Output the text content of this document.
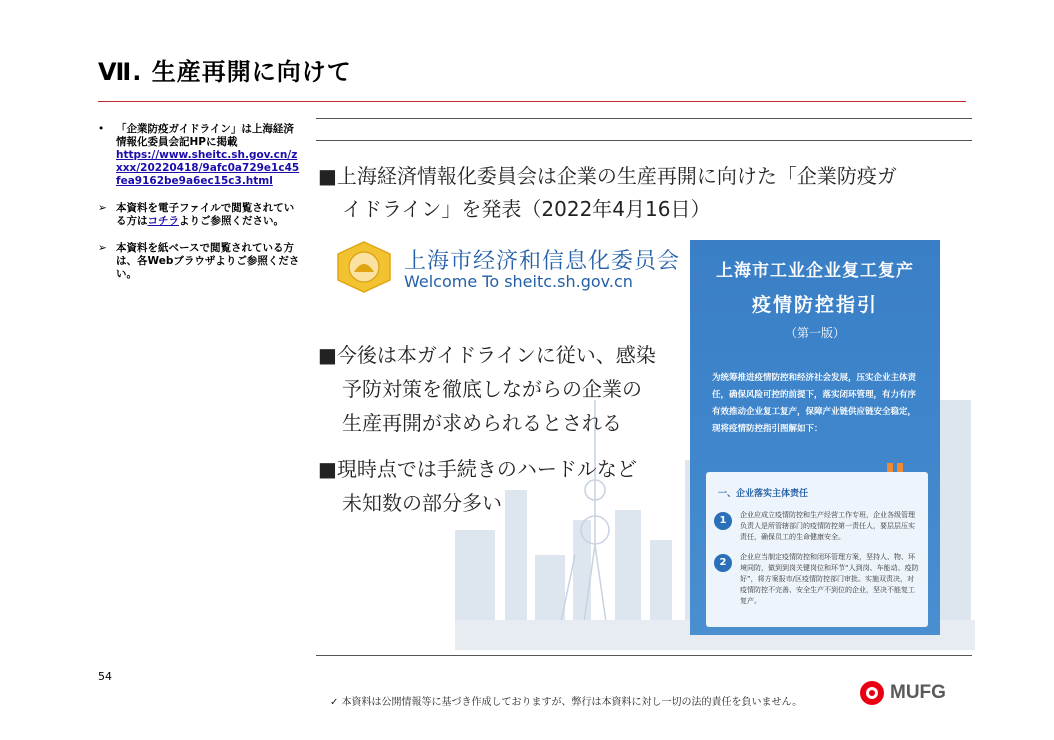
Ⅶ. 生産再開に向けて
• 「企業防疫ガイドライン」は上海経済情報化委員会記HPに掲載
https://www.sheitc.sh.gov.cn/zxxx/20220418/9afc0a729e1c45fea9162be9a6ec15c3.html
➢ 本資料を電子ファイルで閲覧されている方はコチラよりご参照ください。
➢ 本資料を紙ベースで閲覧されている方は、各Webブラウザよりご参照ください。
■上海経済情報化委員会は企業の生産再開に向けた「企業防疫ガ
イドライン」を発表（2022年4月16日）
上海市经济和信息化委员会
Welcome To sheitc.sh.gov.cn
■今後は本ガイドラインに従い、感染
予防対策を徹底しながらの企業の
生産再開が求められるとされる
■現時点では手続きのハードルなど
未知数の部分多い
上海市工业企业复工复产
疫情防控指引
（第一版）
为统筹推进疫情防控和经济社会发展，压实企业主体责任，确保风险可控的前提下，落实闭环管理，有力有序有效推动企业复工复产，保障产业链供应链安全稳定，现将疫情防控指引图解如下：
一、企业落实主体责任
1	企业应成立疫情防控和生产经营工作专班，企业各级管理负责人是所管辖部门的疫情防控第一责任人，要层层压实责任，确保员工的生命健康安全。
2	企业应当制定疫情防控和闭环管理方案，坚持人、物、环境同防，做到到岗关键岗位和环节“人到岗、车能动、疫防好”，将方案报市/区疫情防控部门审批。实施双责决，对疫情防控不完善、安全生产不到位的企业，坚决不能复工复产。
54
✓ 本資料は公開情報等に基づき作成しておりますが、弊行は本資料に対し一切の法的責任を負いません。	MUFG
